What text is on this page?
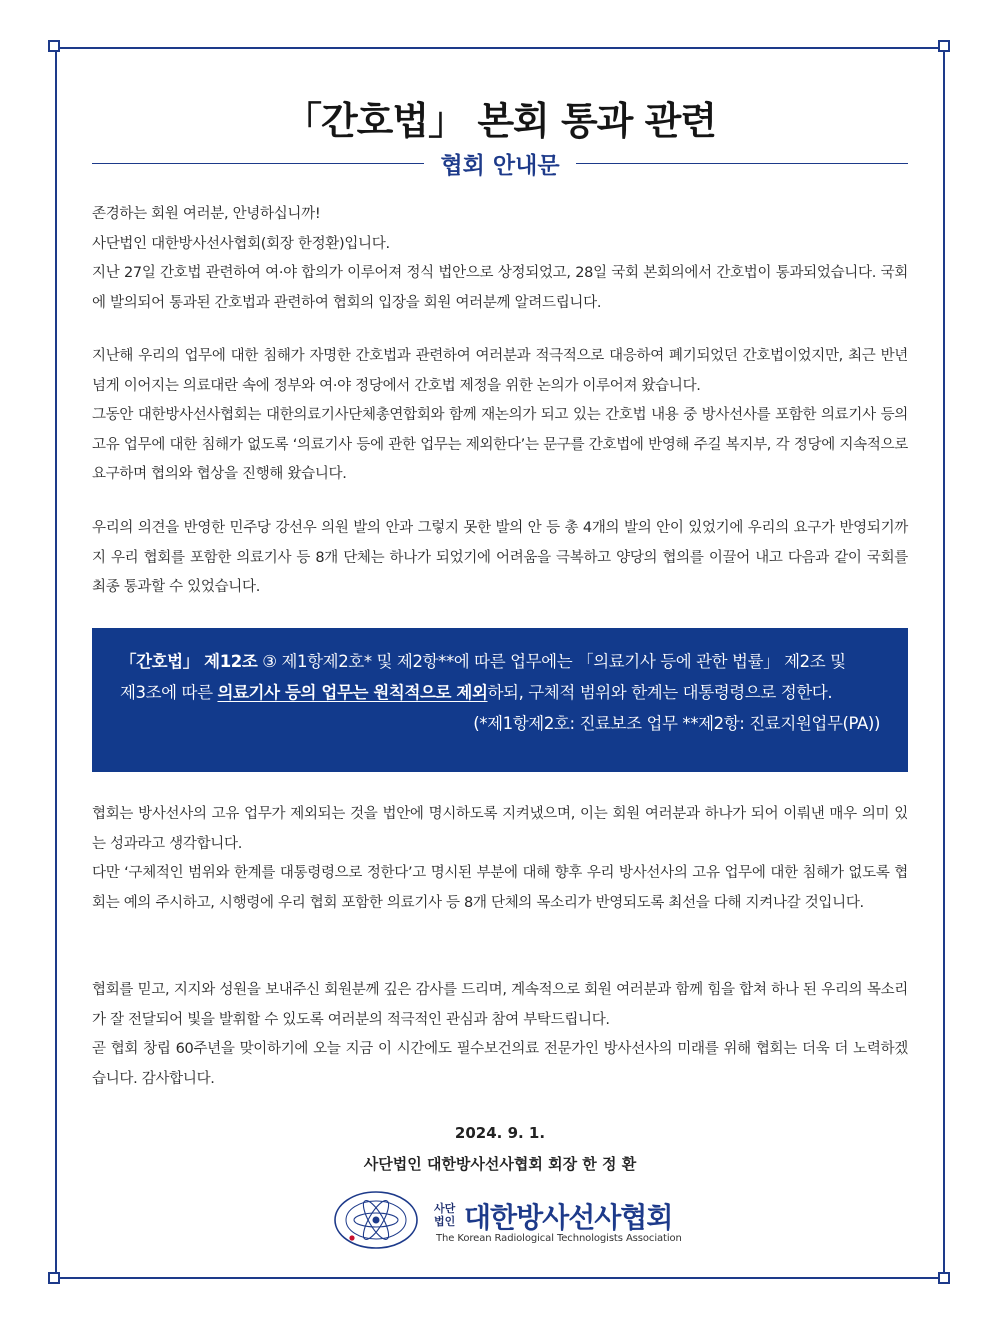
「간호법」 본회 통과 관련
협회 안내문

존경하는 회원 여러분, 안녕하십니까!

사단법인 대한방사선사협회(회장 한정환)입니다.

지난 27일 간호법 관련하여 여·야 합의가 이루어져 정식 법안으로 상정되었고, 28일 국회 본회의에서 간호법이 통과되었습니다. 국회에 발의되어 통과된 간호법과 관련하여 협회의 입장을 회원 여러분께 알려드립니다.

지난해 우리의 업무에 대한 침해가 자명한 간호법과 관련하여 여러분과 적극적으로 대응하여 폐기되었던 간호법이었지만, 최근 반년 넘게 이어지는 의료대란 속에 정부와 여·야 정당에서 간호법 제정을 위한 논의가 이루어져 왔습니다.

그동안 대한방사선사협회는 대한의료기사단체총연합회와 함께 재논의가 되고 있는 간호법 내용 중 방사선사를 포함한 의료기사 등의 고유 업무에 대한 침해가 없도록 ‘의료기사 등에 관한 업무는 제외한다’는 문구를 간호법에 반영해 주길 복지부, 각 정당에 지속적으로 요구하며 협의와 협상을 진행해 왔습니다.

우리의 의견을 반영한 민주당 강선우 의원 발의 안과 그렇지 못한 발의 안 등 총 4개의 발의 안이 있었기에 우리의 요구가 반영되기까지 우리 협회를 포함한 의료기사 등 8개 단체는 하나가 되었기에 어려움을 극복하고 양당의 협의를 이끌어 내고 다음과 같이 국회를 최종 통과할 수 있었습니다.

「간호법」 제12조 ③ 제1항제2호* 및 제2항**에 따른 업무에는 「의료기사 등에 관한 법률」 제2조 및

제3조에 따른 의료기사 등의 업무는 원칙적으로 제외하되, 구체적 범위와 한계는 대통령령으로 정한다.

(*제1항제2호: 진료보조 업무 **제2항: 진료지원업무(PA))

협회는 방사선사의 고유 업무가 제외되는 것을 법안에 명시하도록 지켜냈으며, 이는 회원 여러분과 하나가 되어 이뤄낸 매우 의미 있는 성과라고 생각합니다.

다만 ‘구체적인 범위와 한계를 대통령령으로 정한다’고 명시된 부분에 대해 향후 우리 방사선사의 고유 업무에 대한 침해가 없도록 협회는 예의 주시하고, 시행령에 우리 협회 포함한 의료기사 등 8개 단체의 목소리가 반영되도록 최선을 다해 지켜나갈 것입니다.

협회를 믿고, 지지와 성원을 보내주신 회원분께 깊은 감사를 드리며, 계속적으로 회원 여러분과 함께 힘을 합쳐 하나 된 우리의 목소리가 잘 전달되어 빛을 발휘할 수 있도록 여러분의 적극적인 관심과 참여 부탁드립니다.

곧 협회 창립 60주년을 맞이하기에 오늘 지금 이 시간에도 필수보건의료 전문가인 방사선사의 미래를 위해 협회는 더욱 더 노력하겠습니다. 감사합니다.

2024. 9. 1.
사단법인 대한방사선사협회 회장 한 정 환
사단 법인 대한방사선사협회
The Korean Radiological Technologists Association
